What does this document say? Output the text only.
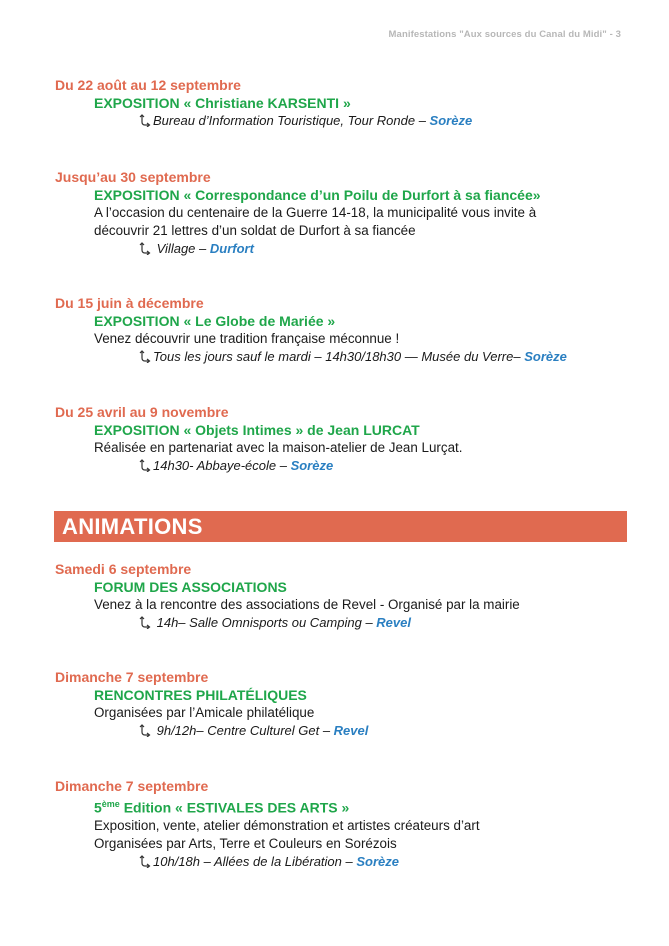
Manifestations "Aux sources du Canal du Midi" - 3
Du 22 août au 12 septembre
EXPOSITION « Christiane KARSENTI »
Bureau d’Information Touristique, Tour Ronde – Sorèze
Jusqu’au 30 septembre
EXPOSITION « Correspondance d’un Poilu de Durfort à sa fiancée»
A l’occasion du centenaire de la Guerre 14-18, la municipalité vous invite à
découvrir 21 lettres d’un soldat de Durfort à sa fiancée
Village – Durfort
Du 15 juin à décembre
EXPOSITION « Le Globe de Mariée »
Venez découvrir une tradition française méconnue !
Tous les jours sauf le mardi – 14h30/18h30 — Musée du Verre– Sorèze
Du 25 avril au 9 novembre
EXPOSITION « Objets Intimes » de Jean LURCAT
Réalisée en partenariat avec la maison-atelier de Jean Lurçat.
14h30- Abbaye-école – Sorèze
ANIMATIONS
Samedi 6 septembre
FORUM DES ASSOCIATIONS
Venez à la rencontre des associations de Revel - Organisé par la mairie
14h– Salle Omnisports ou Camping – Revel
Dimanche 7 septembre
RENCONTRES PHILATÉLIQUES
Organisées par l’Amicale philatélique
9h/12h– Centre Culturel Get – Revel
Dimanche 7 septembre
5ème Edition « ESTIVALES DES ARTS »
Exposition, vente, atelier démonstration et artistes créateurs d’art
Organisées par Arts, Terre et Couleurs en Sorézois
10h/18h – Allées de la Libération – Sorèze
